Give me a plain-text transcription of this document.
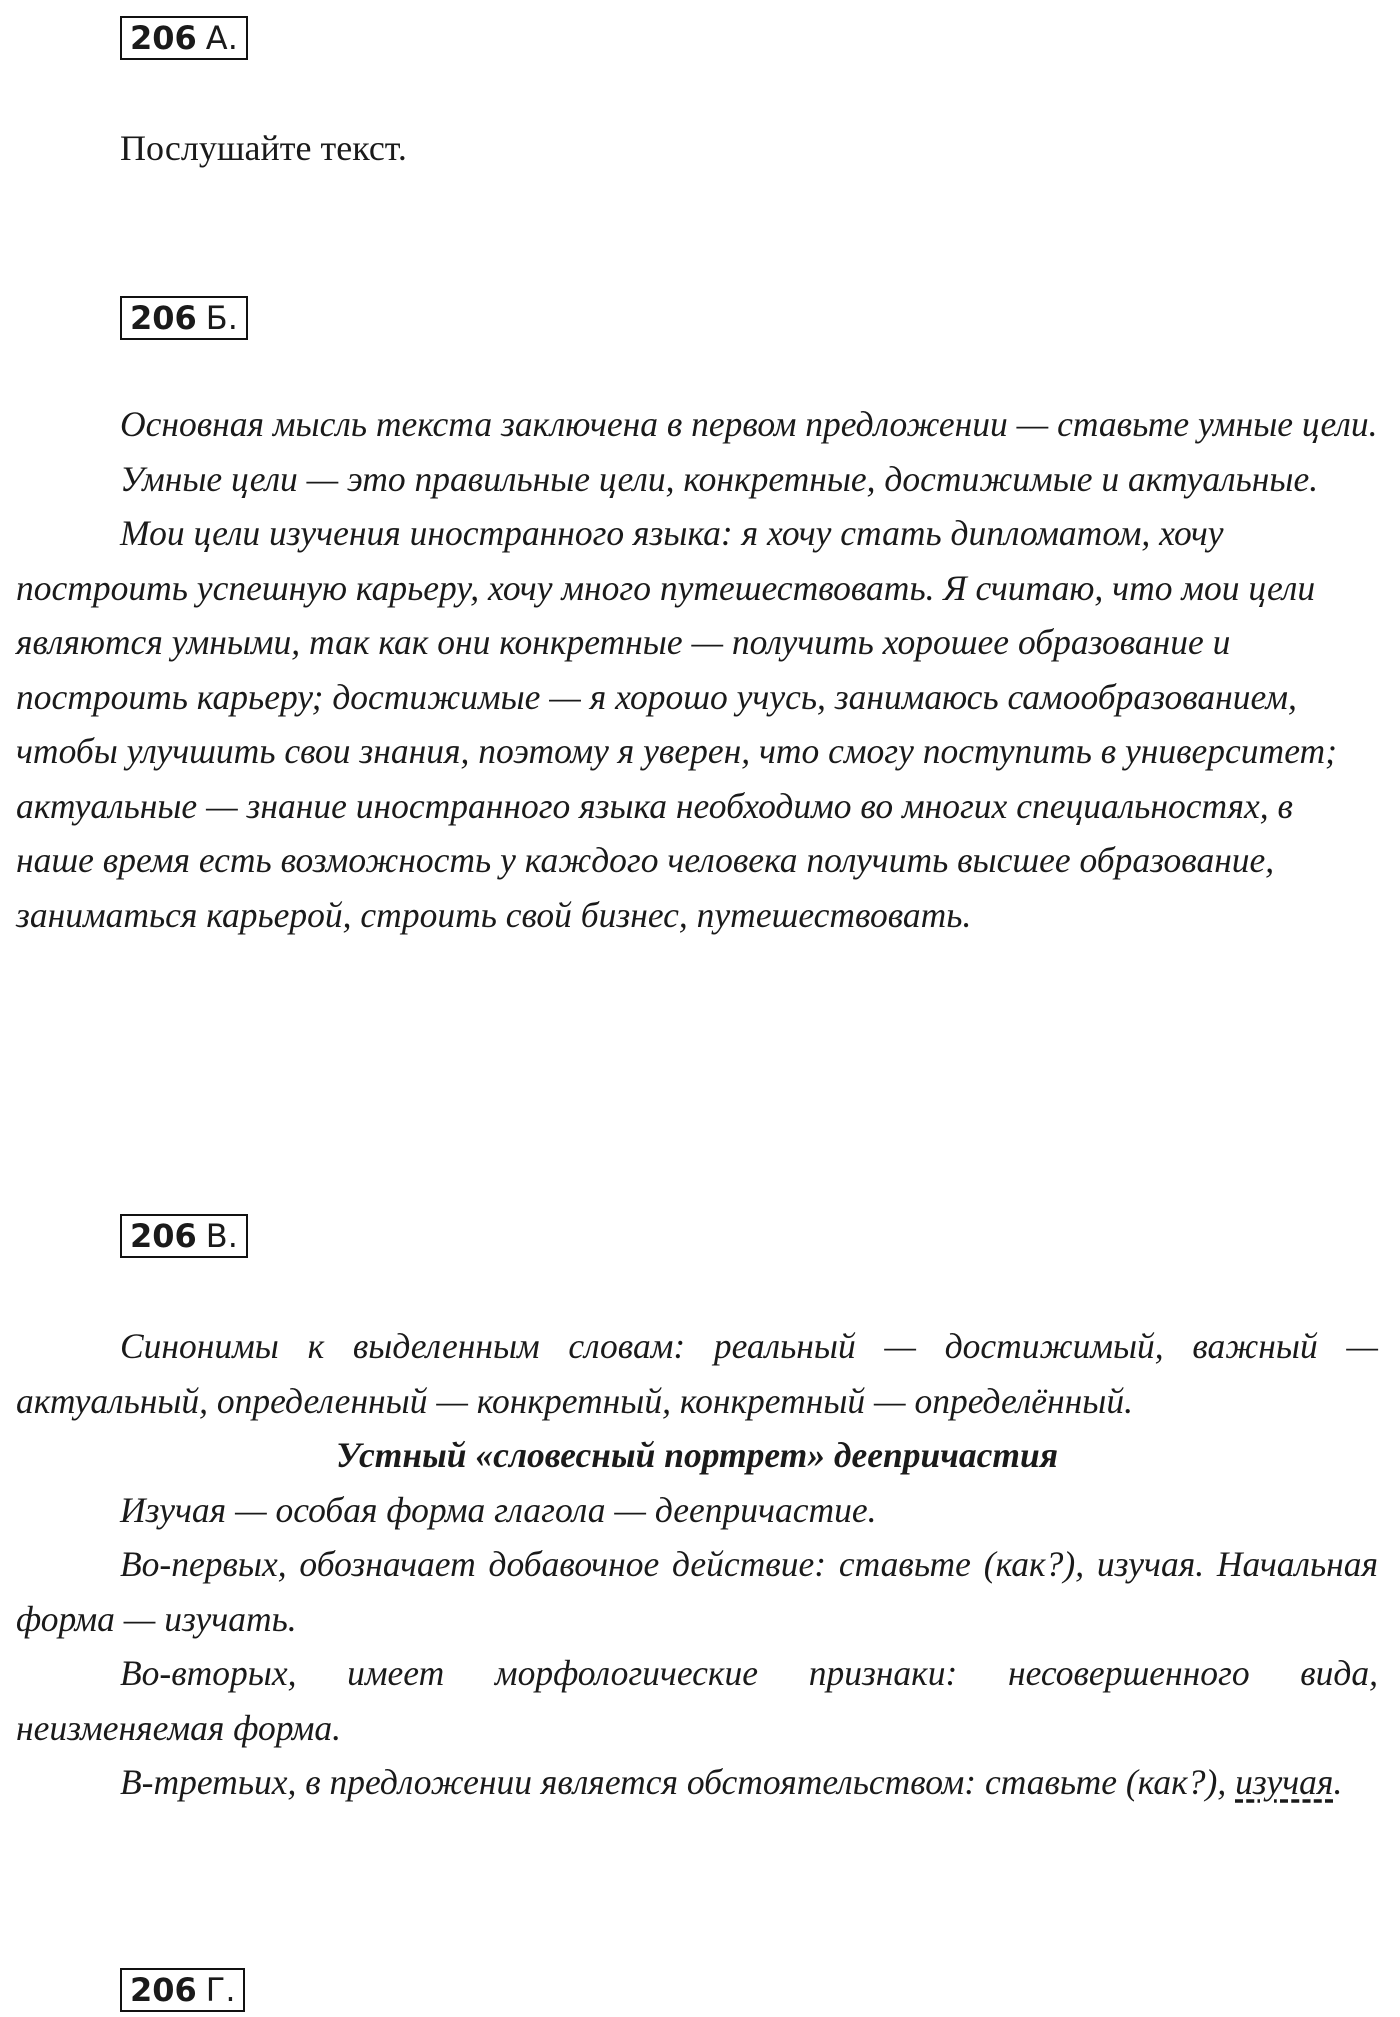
206 А.
Послушайте текст.
206 Б.

Основная мысль текста заключена в первом предложении — ставьте умные цели.

Умные цели — это правильные цели, конкретные, достижимые и актуальные.

Мои цели изучения иностранного языка: я хочу стать дипломатом, хочу построить успешную карьеру, хочу много путешествовать. Я считаю, что мои цели являются умными, так как они конкретные — получить хорошее образование и построить карьеру; достижимые — я хорошо учусь, занимаюсь самообразованием, чтобы улучшить свои знания, поэтому я уверен, что смогу поступить в университет; актуальные — знание иностранного языка необходимо во многих специальностях, в наше время есть возможность у каждого человека получить высшее образование, заниматься карьерой, строить свой бизнес, путешествовать.

206 В.

Синонимы к выделенным словам: реальный — достижимый, важный — актуальный, определенный — конкретный, конкретный — определённый.

Устный «словесный портрет» деепричастия

Изучая — особая форма глагола — деепричастие.

Во-первых, обозначает добавочное действие: ставьте (как?), изучая. Начальная форма — изучать.

Во-вторых, имеет морфологические признаки: несовершенного вида, неизменяемая форма.

В-третьих, в предложении является обстоятельством: ставьте (как?), изучая.

206 Г.
